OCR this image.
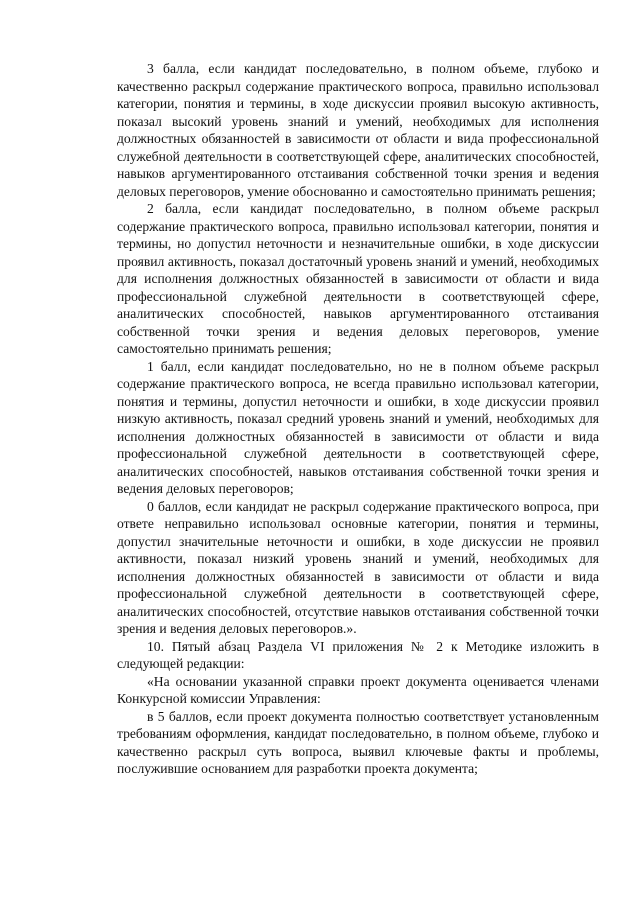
3 балла, если кандидат последовательно, в полном объеме, глубоко и качественно раскрыл содержание практического вопроса, правильно использовал категории, понятия и термины, в ходе дискуссии проявил высокую активность, показал высокий уровень знаний и умений, необходимых для исполнения должностных обязанностей в зависимости от области и вида профессиональной служебной деятельности в соответствующей сфере, аналитических способностей, навыков аргументированного отстаивания собственной точки зрения и ведения деловых переговоров, умение обоснованно и самостоятельно принимать решения;

2 балла, если кандидат последовательно, в полном объеме раскрыл содержание практического вопроса, правильно использовал категории, понятия и термины, но допустил неточности и незначительные ошибки, в ходе дискуссии проявил активность, показал достаточный уровень знаний и умений, необходимых для исполнения должностных обязанностей в зависимости от области и вида профессиональной служебной деятельности в соответствующей сфере, аналитических способностей, навыков аргументированного отстаивания собственной точки зрения и ведения деловых переговоров, умение самостоятельно принимать решения;

1 балл, если кандидат последовательно, но не в полном объеме раскрыл содержание практического вопроса, не всегда правильно использовал категории, понятия и термины, допустил неточности и ошибки, в ходе дискуссии проявил низкую активность, показал средний уровень знаний и умений, необходимых для исполнения должностных обязанностей в зависимости от области и вида профессиональной служебной деятельности в соответствующей сфере, аналитических способностей, навыков отстаивания собственной точки зрения и ведения деловых переговоров;

0 баллов, если кандидат не раскрыл содержание практического вопроса, при ответе неправильно использовал основные категории, понятия и термины, допустил значительные неточности и ошибки, в ходе дискуссии не проявил активности, показал низкий уровень знаний и умений, необходимых для исполнения должностных обязанностей в зависимости от области и вида профессиональной служебной деятельности в соответствующей сфере, аналитических способностей, отсутствие навыков отстаивания собственной точки зрения и ведения деловых переговоров.».

10. Пятый абзац Раздела VI приложения № 2 к Методике изложить в следующей редакции:

«На основании указанной справки проект документа оценивается членами Конкурсной комиссии Управления:

в 5 баллов, если проект документа полностью соответствует установленным требованиям оформления, кандидат последовательно, в полном объеме, глубоко и качественно раскрыл суть вопроса, выявил ключевые факты и проблемы, послужившие основанием для разработки проекта документа;
